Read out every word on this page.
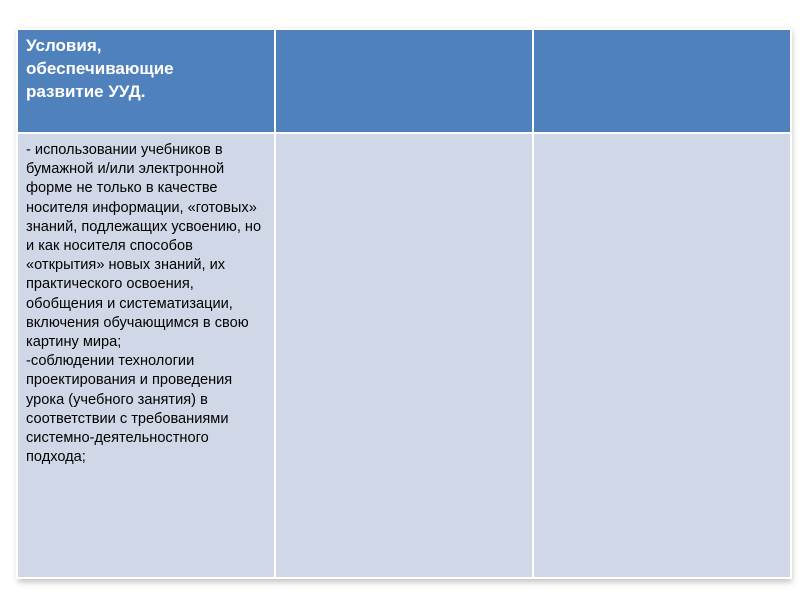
Условия,
обеспечивающие
развитие УУД.		
- использовании учебников в бумажной и/или электронной форме не только в качестве носителя информации, «готовых» знаний, подлежащих усвоению, но и как носителя способов «открытия» новых знаний, их практического освоения, обобщения и систематизации, включения обучающимся в свою картину мира;
-соблюдении технологии проектирования и проведения урока (учебного занятия) в соответствии с требованиями системно-деятельностного подхода;		
